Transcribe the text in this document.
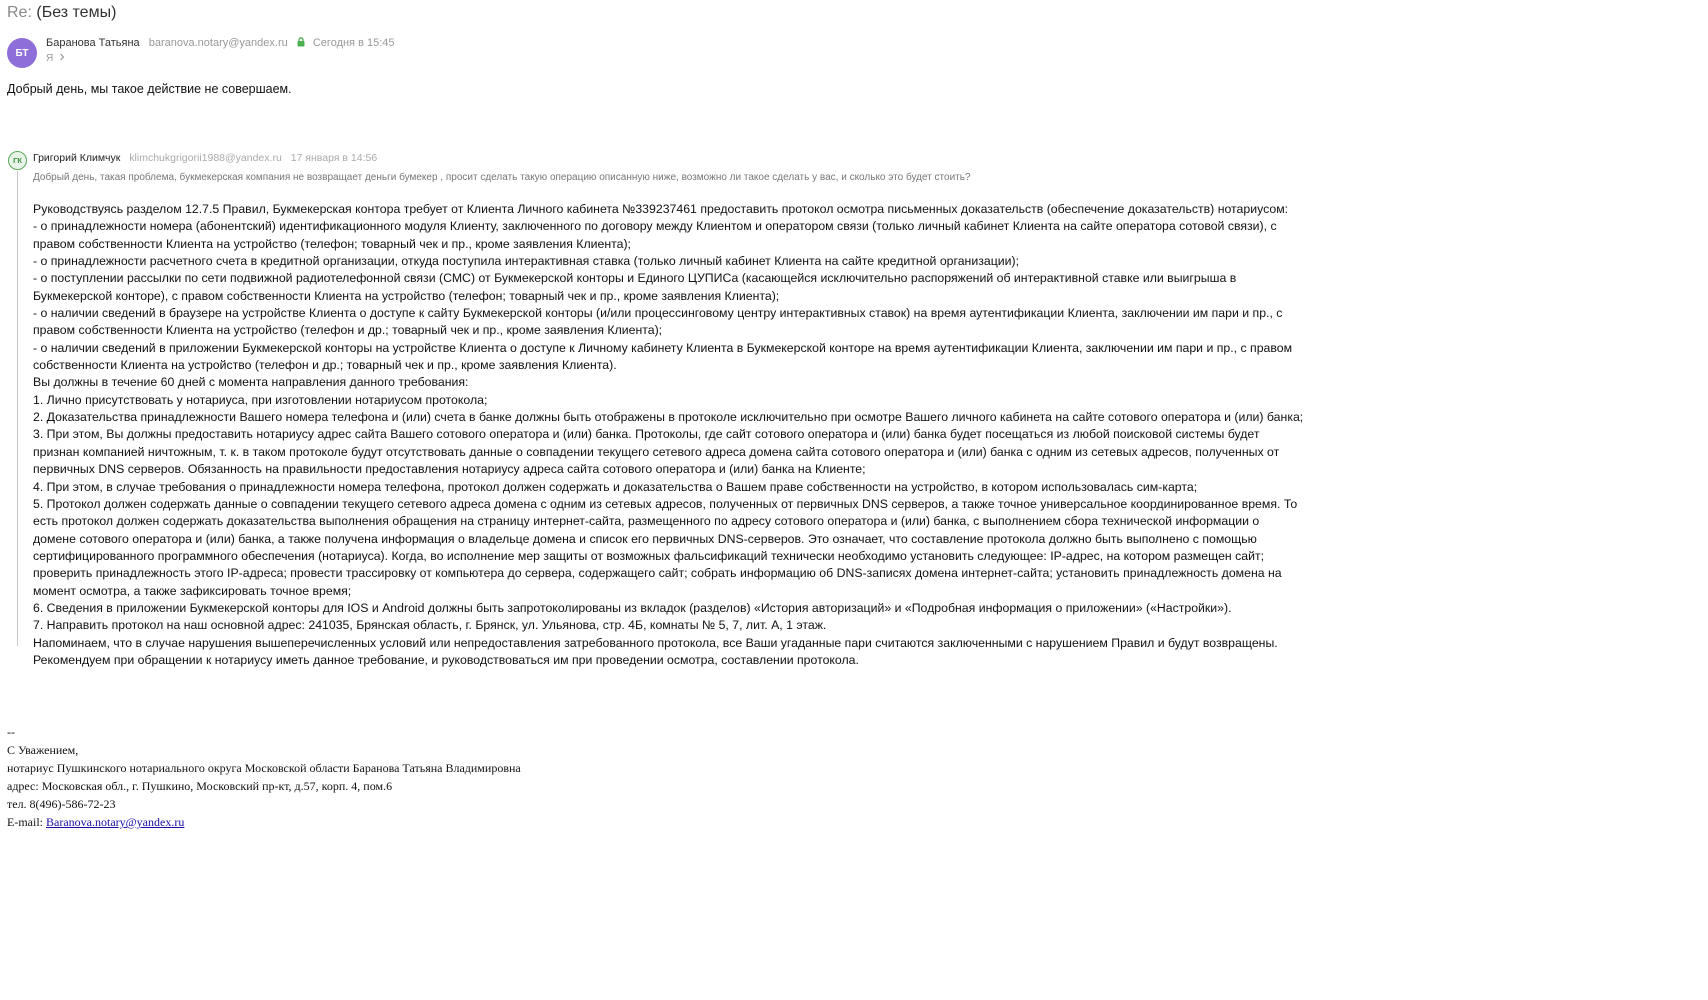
Re: (Без темы)
БТ
Баранова Татьяна baranova.notary@yandex.ru Сегодня в 15:45
Я
Добрый день, мы такое действие не совершаем.
ГК Григорий Климчук klimchukgrigorii1988@yandex.ru 17 января в 14:56
Добрый день, такая проблема, букмекерская компания не возвращает деньги бумекер , просит сделать такую операцию описанную ниже, возможно ли такое сделать у вас, и сколько это будет стоить?
Руководствуясь разделом 12.7.5 Правил, Букмекерская контора требует от Клиента Личного кабинета №339237461 предоставить протокол осмотра письменных доказательств (обеспечение доказательств) нотариусом:
- о принадлежности номера (абонентский) идентификационного модуля Клиенту, заключенного по договору между Клиентом и оператором связи (только личный кабинет Клиента на сайте оператора сотовой связи), с
правом собственности Клиента на устройство (телефон; товарный чек и пр., кроме заявления Клиента);
- о принадлежности расчетного счета в кредитной организации, откуда поступила интерактивная ставка (только личный кабинет Клиента на сайте кредитной организации);
- о поступлении рассылки по сети подвижной радиотелефонной связи (СМС) от Букмекерской конторы и Единого ЦУПИСа (касающейся исключительно распоряжений об интерактивной ставке или выигрыша в
Букмекерской конторе), с правом собственности Клиента на устройство (телефон; товарный чек и пр., кроме заявления Клиента);
- о наличии сведений в браузере на устройстве Клиента о доступе к сайту Букмекерской конторы (и/или процессинговому центру интерактивных ставок) на время аутентификации Клиента, заключении им пари и пр., с
правом собственности Клиента на устройство (телефон и др.; товарный чек и пр., кроме заявления Клиента);
- о наличии сведений в приложении Букмекерской конторы на устройстве Клиента о доступе к Личному кабинету Клиента в Букмекерской конторе на время аутентификации Клиента, заключении им пари и пр., с правом
собственности Клиента на устройство (телефон и др.; товарный чек и пр., кроме заявления Клиента).
Вы должны в течение 60 дней с момента направления данного требования:
1. Лично присутствовать у нотариуса, при изготовлении нотариусом протокола;
2. Доказательства принадлежности Вашего номера телефона и (или) счета в банке должны быть отображены в протоколе исключительно при осмотре Вашего личного кабинета на сайте сотового оператора и (или) банка;
3. При этом, Вы должны предоставить нотариусу адрес сайта Вашего сотового оператора и (или) банка. Протоколы, где сайт сотового оператора и (или) банка будет посещаться из любой поисковой системы будет
признан компанией ничтожным, т. к. в таком протоколе будут отсутствовать данные о совпадении текущего сетевого адреса домена сайта сотового оператора и (или) банка с одним из сетевых адресов, полученных от
первичных DNS серверов. Обязанность на правильности предоставления нотариусу адреса сайта сотового оператора и (или) банка на Клиенте;
4. При этом, в случае требования о принадлежности номера телефона, протокол должен содержать и доказательства о Вашем праве собственности на устройство, в котором использовалась сим-карта;
5. Протокол должен содержать данные о совпадении текущего сетевого адреса домена с одним из сетевых адресов, полученных от первичных DNS серверов, а также точное универсальное координированное время. То
есть протокол должен содержать доказательства выполнения обращения на страницу интернет-сайта, размещенного по адресу сотового оператора и (или) банка, с выполнением сбора технической информации о
домене сотового оператора и (или) банка, а также получена информация о владельце домена и список его первичных DNS-серверов. Это означает, что составление протокола должно быть выполнено с помощью
сертифицированного программного обеспечения (нотариуса). Когда, во исполнение мер защиты от возможных фальсификаций технически необходимо установить следующее: IP-адрес, на котором размещен сайт;
проверить принадлежность этого IP-адреса; провести трассировку от компьютера до сервера, содержащего сайт; собрать информацию об DNS-записях домена интернет-сайта; установить принадлежность домена на
момент осмотра, а также зафиксировать точное время;
6. Сведения в приложении Букмекерской конторы для IOS и Android должны быть запротоколированы из вкладок (разделов) «История авторизаций» и «Подробная информация о приложении» («Настройки»).
7. Направить протокол на наш основной адрес: 241035, Брянская область, г. Брянск, ул. Ульянова, стр. 4Б, комнаты № 5, 7, лит. А, 1 этаж.
Напоминаем, что в случае нарушения вышеперечисленных условий или непредоставления затребованного протокола, все Ваши угаданные пари считаются заключенными с нарушением Правил и будут возвращены.
Рекомендуем при обращении к нотариусу иметь данное требование, и руководствоваться им при проведении осмотра, составлении протокола.
--
С Уважением,
нотариус Пушкинского нотариального округа Московской области Баранова Татьяна Владимировна
адрес: Московская обл., г. Пушкино, Московский пр-кт, д.57, корп. 4, пом.6
тел. 8(496)-586-72-23
E-mail: Baranova.notary@yandex.ru
